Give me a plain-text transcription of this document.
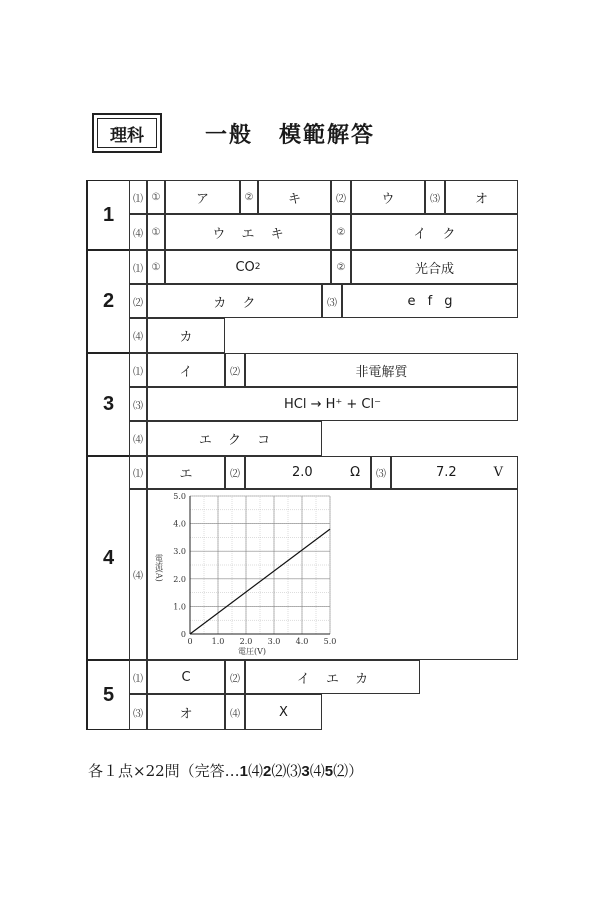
理科	一般 模範解答
1
⑴ ①	ア	②	キ	⑵	ウ	⑶	オ
⑷ ①	ウ エ キ	②	イ ク
2
⑴ ①	CO 2	②	光合成
⑵	カ ク	⑶	e f g
⑷	カ
3
⑴	イ	⑵	非電解質
⑶	HCl → H⁺ + Cl⁻
⑷	エ ク コ
4
⑴	エ	⑵	2.0	Ω	⑶	7.2	V
⑷
0 1.0 2.0 3.0 4.0 5.0
0
1.0
2.0
3.0
4.0
5.0
電圧(V)
電流(A)
5
⑴	C	⑵	イ エ カ
⑶	オ	⑷	X
各１点×22問（完答…1⑷2⑵⑶3⑷5⑵）
